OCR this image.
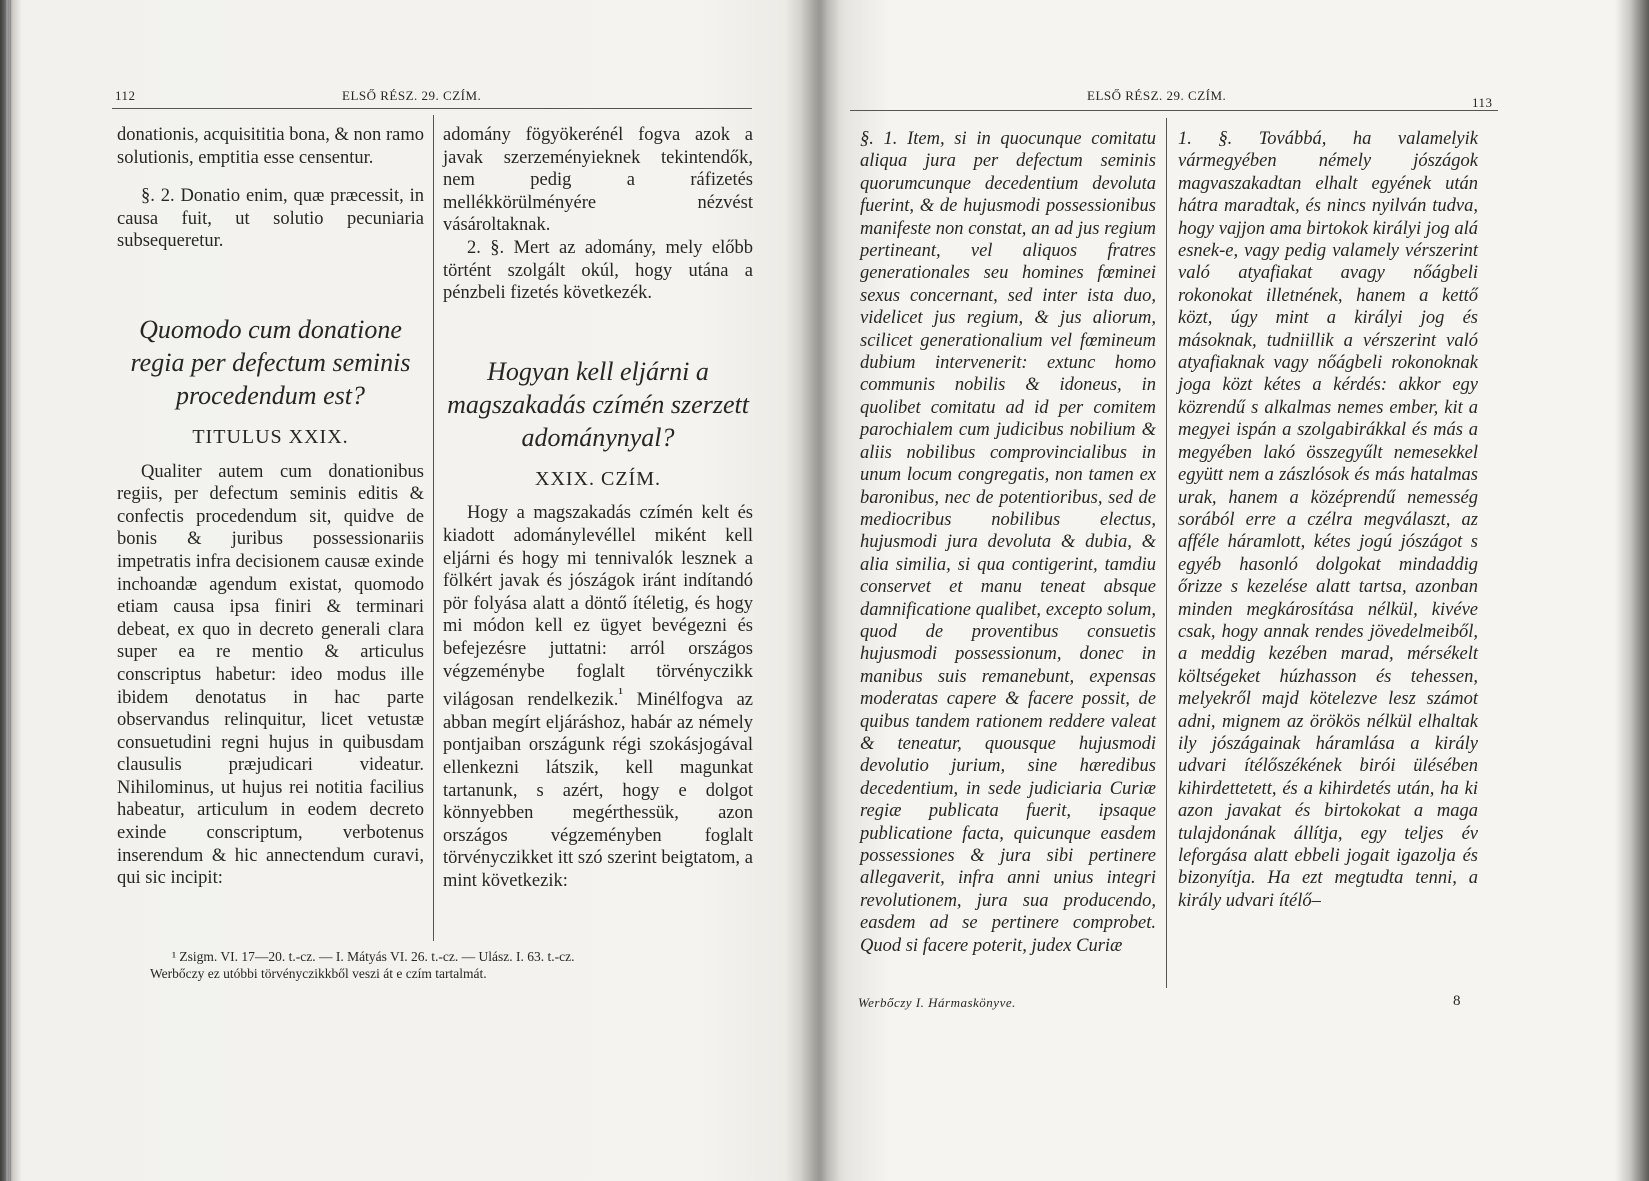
112	ELSŐ RÉSZ. 29. CZÍM.

donationis, acquisititia bona, & non ramo solutionis, emptitia esse censentur.

§. 2. Donatio enim, quæ præcessit, in causa fuit, ut solutio pecuniaria subsequeretur.

Quomodo cum donatione regia per defectum seminis procedendum est?
TITULUS XXIX.

Qualiter autem cum donationibus regiis, per defectum seminis editis & confectis procedendum sit, quidve de bonis & juribus possessionariis impetratis infra decisionem causæ exinde inchoandæ agendum existat, quomodo etiam causa ipsa finiri & terminari debeat, ex quo in decreto generali clara super ea re mentio & articulus conscriptus habetur: ideo modus ille ibidem denotatus in hac parte observandus relinquitur, licet vetustæ consuetudini regni hujus in quibusdam clausulis præjudicari videatur. Nihilominus, ut hujus rei notitia facilius habeatur, articulum in eodem decreto exinde conscriptum, verbotenus inserendum & hic annectendum curavi, qui sic incipit:

adomány fögyökerénél fogva azok a javak szerzeményieknek tekintendők, nem pedig a ráfizetés mellékkörülményére nézvést vásároltaknak.

2. §. Mert az adomány, mely előbb történt szolgált okúl, hogy utána a pénzbeli fizetés következék.

Hogyan kell eljárni a magszakadás czímén szerzett adománynyal?
XXIX. CZÍM.

Hogy a magszakadás czímén kelt és kiadott adománylevéllel miként kell eljárni és hogy mi tennivalók lesznek a fölkért javak és jószágok iránt indítandó pör folyása alatt a döntő ítéletig, és hogy mi módon kell ez ügyet bevégezni és befejezésre juttatni: arról országos végzeménybe foglalt törvényczikk világosan rendelkezik.$^{^1}$ Minélfogva az abban megírt eljáráshoz, habár az némely pontjaiban országunk régi szokásjogával ellenkezni látszik, kell magunkat tartanunk, s azért, hogy e dolgot könnyebben megérthessük, azon országos végzeményben foglalt törvényczikket itt szó szerint beigtatom, a mint következik:

¹ Zsigm. VI. 17—20. t.-cz. — I. Mátyás VI. 26. t.-cz. — Ulász. I. 63. t.-cz.

Werbőczy ez utóbbi törvényczikkből veszi át e czím tartalmát.

ELSŐ RÉSZ. 29. CZÍM.	113
§. 1. Item, si in quocunque comitatu aliqua jura per defectum seminis quorumcunque decedentium devoluta fuerint, & de hujusmodi possessionibus manifeste non constat, an ad jus regium pertineant, vel aliquos fratres generationales seu homines fœminei sexus concernant, sed inter ista duo, videlicet jus regium, & jus aliorum, scilicet generationalium vel fœmineum dubium intervenerit: extunc homo communis nobilis & idoneus, in quolibet comitatu ad id per comitem parochialem cum judicibus nobilium & aliis nobilibus comprovincialibus in unum locum congregatis, non tamen ex baronibus, nec de potentioribus, sed de mediocribus nobilibus electus, hujusmodi jura devoluta & dubia, & alia similia, si qua contigerint, tamdiu conservet et manu teneat absque damnificatione qualibet, excepto solum, quod de proventibus consuetis hujusmodi possessionum, donec in manibus suis remanebunt, expensas moderatas capere & facere possit, de quibus tandem rationem reddere valeat & teneatur, quousque hujusmodi devolutio jurium, sine hæredibus decedentium, in sede judiciaria Curiæ regiæ publicata fuerit, ipsaque publicatione facta, quicunque easdem possessiones & jura sibi pertinere allegaverit, infra anni unius integri revolutionem, jura sua producendo, easdem ad se pertinere comprobet. Quod si facere poterit, judex Curiæ
1. §. Továbbá, ha valamelyik vármegyében némely jószágok magvaszakadtan elhalt egyének után hátra maradtak, és nincs nyilván tudva, hogy vajjon ama birtokok királyi jog alá esnek-e, vagy pedig valamely vérszerint való atyafiakat avagy nőágbeli rokonokat illetnének, hanem a kettő közt, úgy mint a királyi jog és másoknak, tudniillik a vérszerint való atyafiaknak vagy nőágbeli rokonoknak joga közt kétes a kérdés: akkor egy közrendű s alkalmas nemes ember, kit a megyei ispán a szolgabirákkal és más a megyében lakó összegyűlt nemesekkel együtt nem a zászlósok és más hatalmas urak, hanem a középrendű nemesség sorából erre a czélra megválaszt, az afféle háramlott, kétes jogú jószágot s egyéb hasonló dolgokat mindaddig őrizze s kezelése alatt tartsa, azonban minden megkárosítása nélkül, kivéve csak, hogy annak rendes jövedelmeiből, a meddig kezében marad, mérsékelt költségeket húzhasson és tehessen, melyekről majd kötelezve lesz számot adni, mignem az örökös nélkül elhaltak ily jószágainak háramlása a király udvari ítélőszékének birói ülésében kihirdettetett, és a kihirdetés után, ha ki azon javakat és birtokokat a maga tulajdonának állítja, egy teljes év leforgása alatt ebbeli jogait igazolja és bizonyítja. Ha ezt megtudta tenni, a király udvari ítélő–
Werbőczy I. Hármaskönyve.	8
